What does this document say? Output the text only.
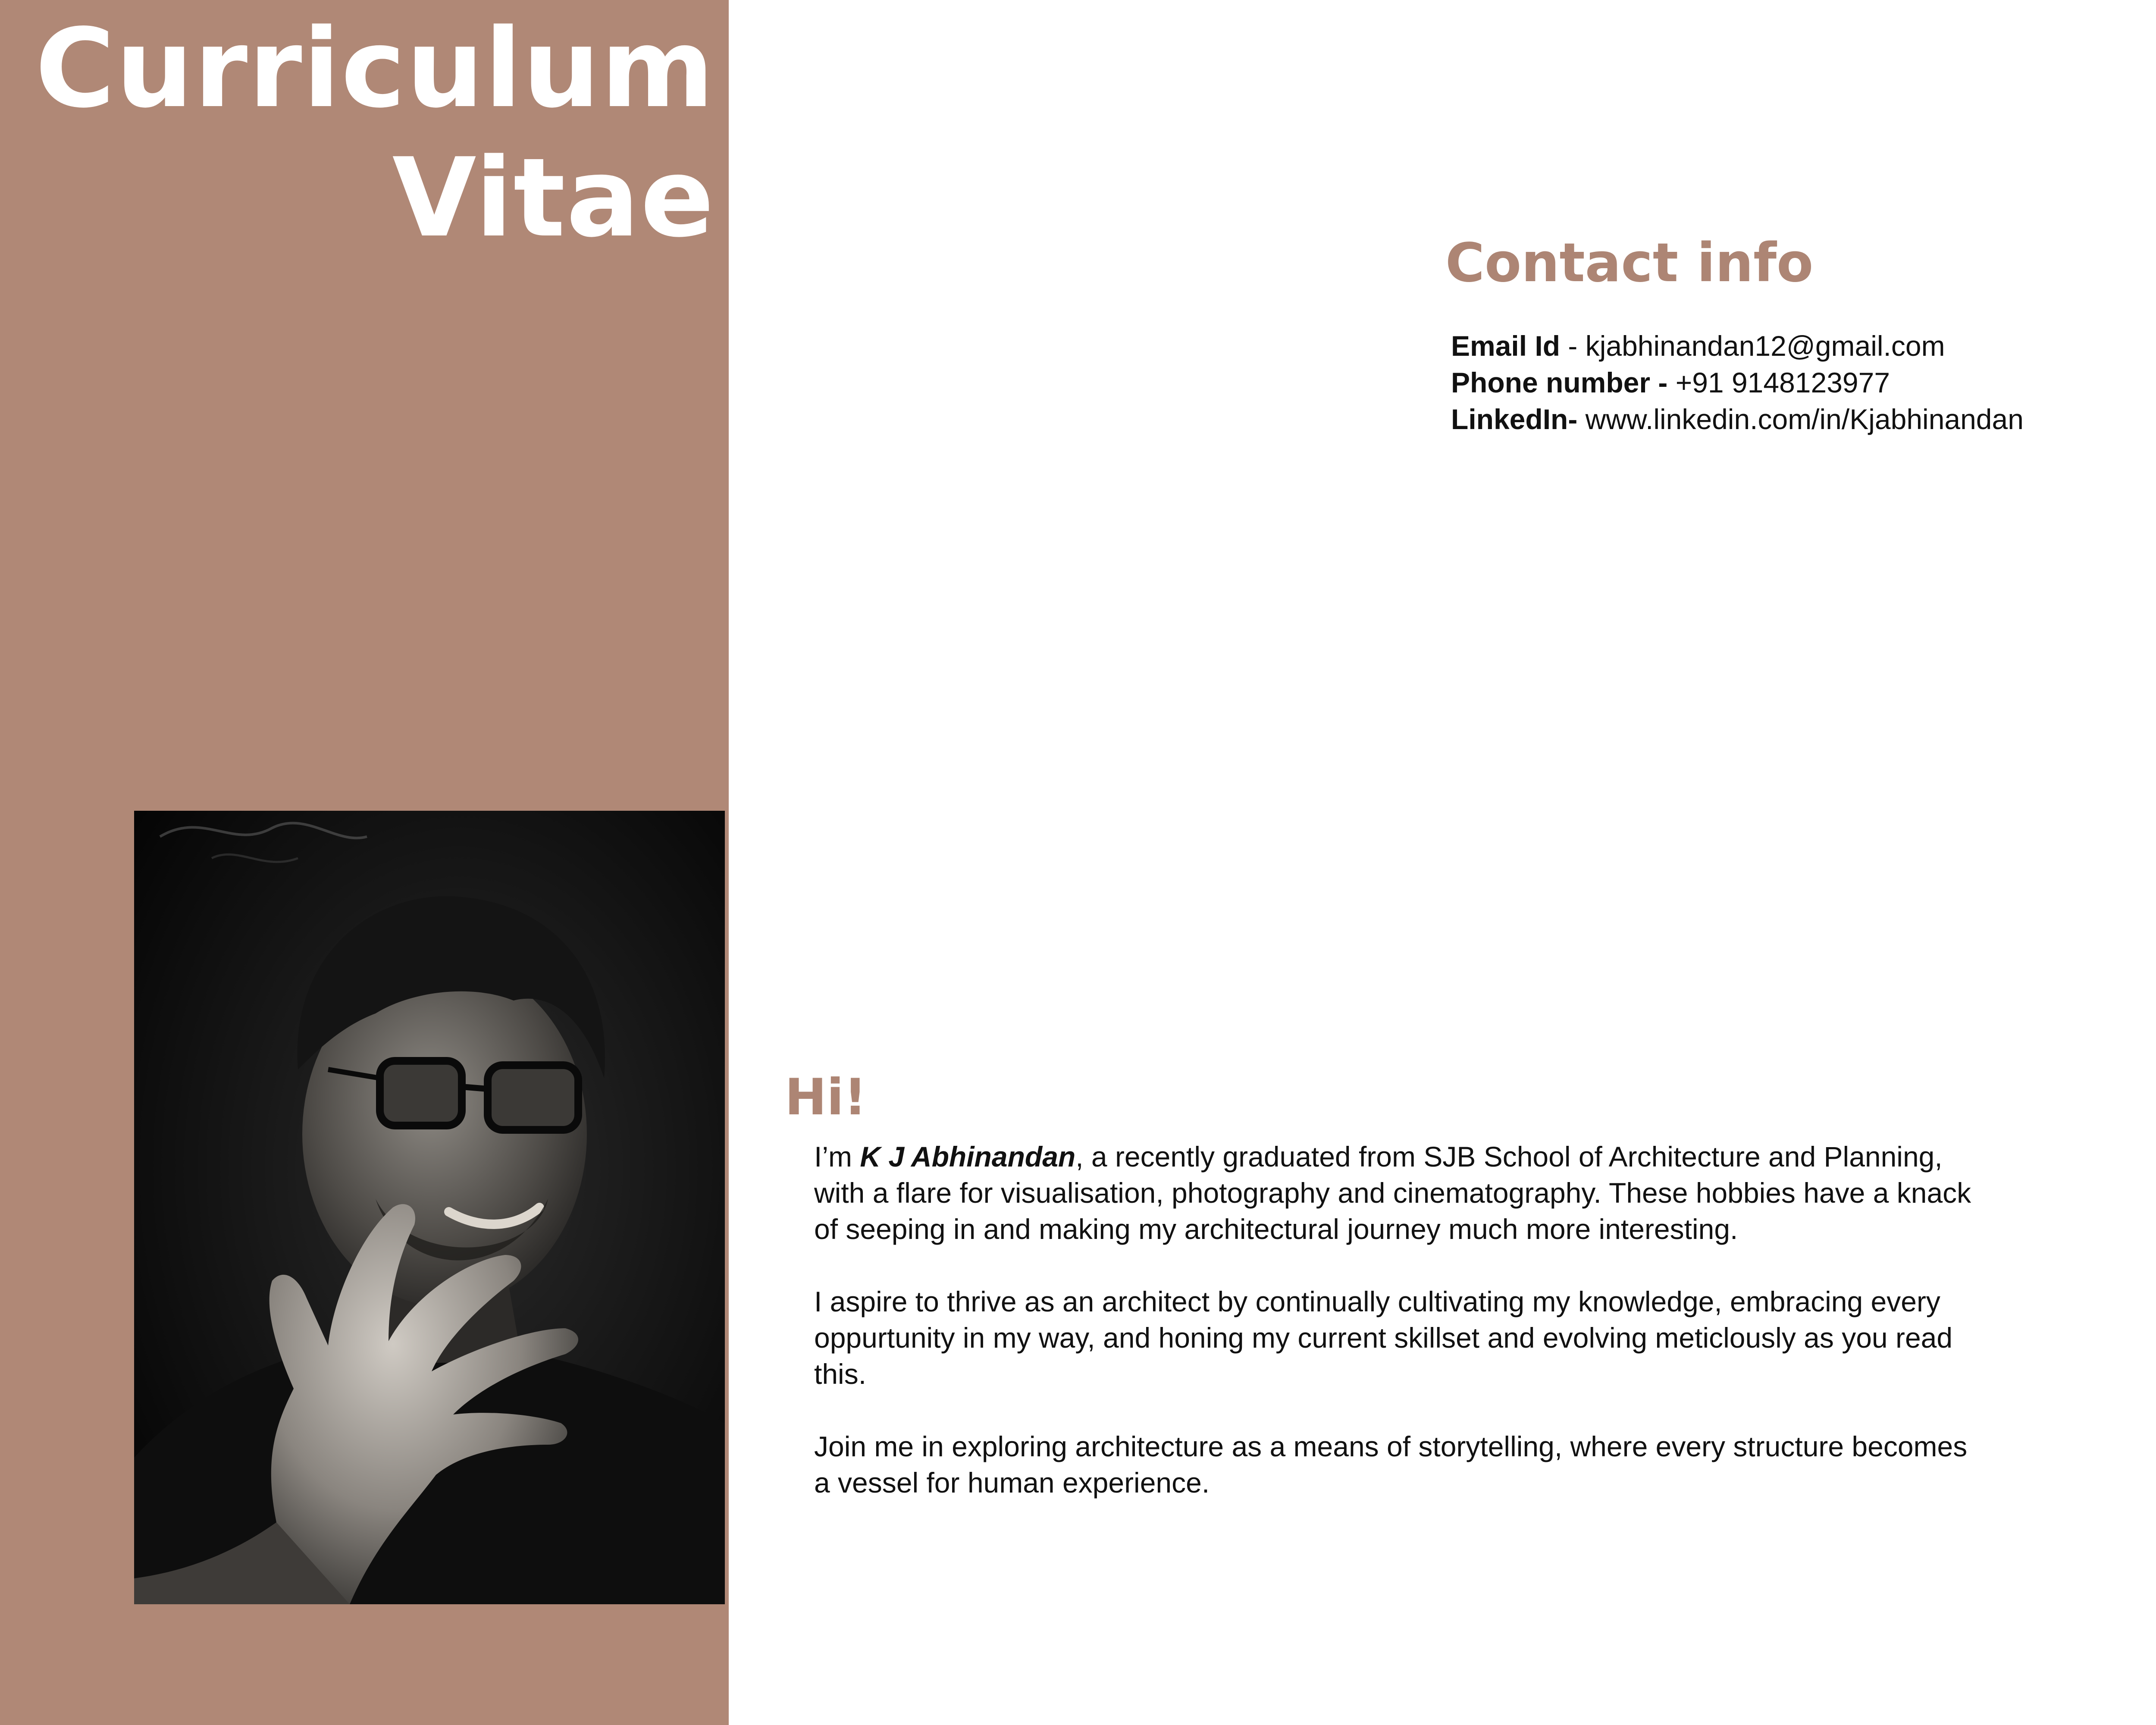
Curriculum
Vitae
Contact info
Email Id - kjabhinandan12@gmail.com
Phone number - +91 9148123977
LinkedIn- www.linkedin.com/in/Kjabhinandan
Hi!

I’m K J Abhinandan, a recently graduated from SJB School of Architecture and Planning, with a flare for visualisation, photography and cinematography. These hobbies have a knack of seeping in and making my architectural journey much more interesting.

I aspire to thrive as an architect by continually cultivating my knowledge, embracing every oppurtunity in my way, and honing my current skillset and evolving meticlously as you read this.

Join me in exploring architecture as a means of storytelling, where every structure becomes a vessel for human experience.
